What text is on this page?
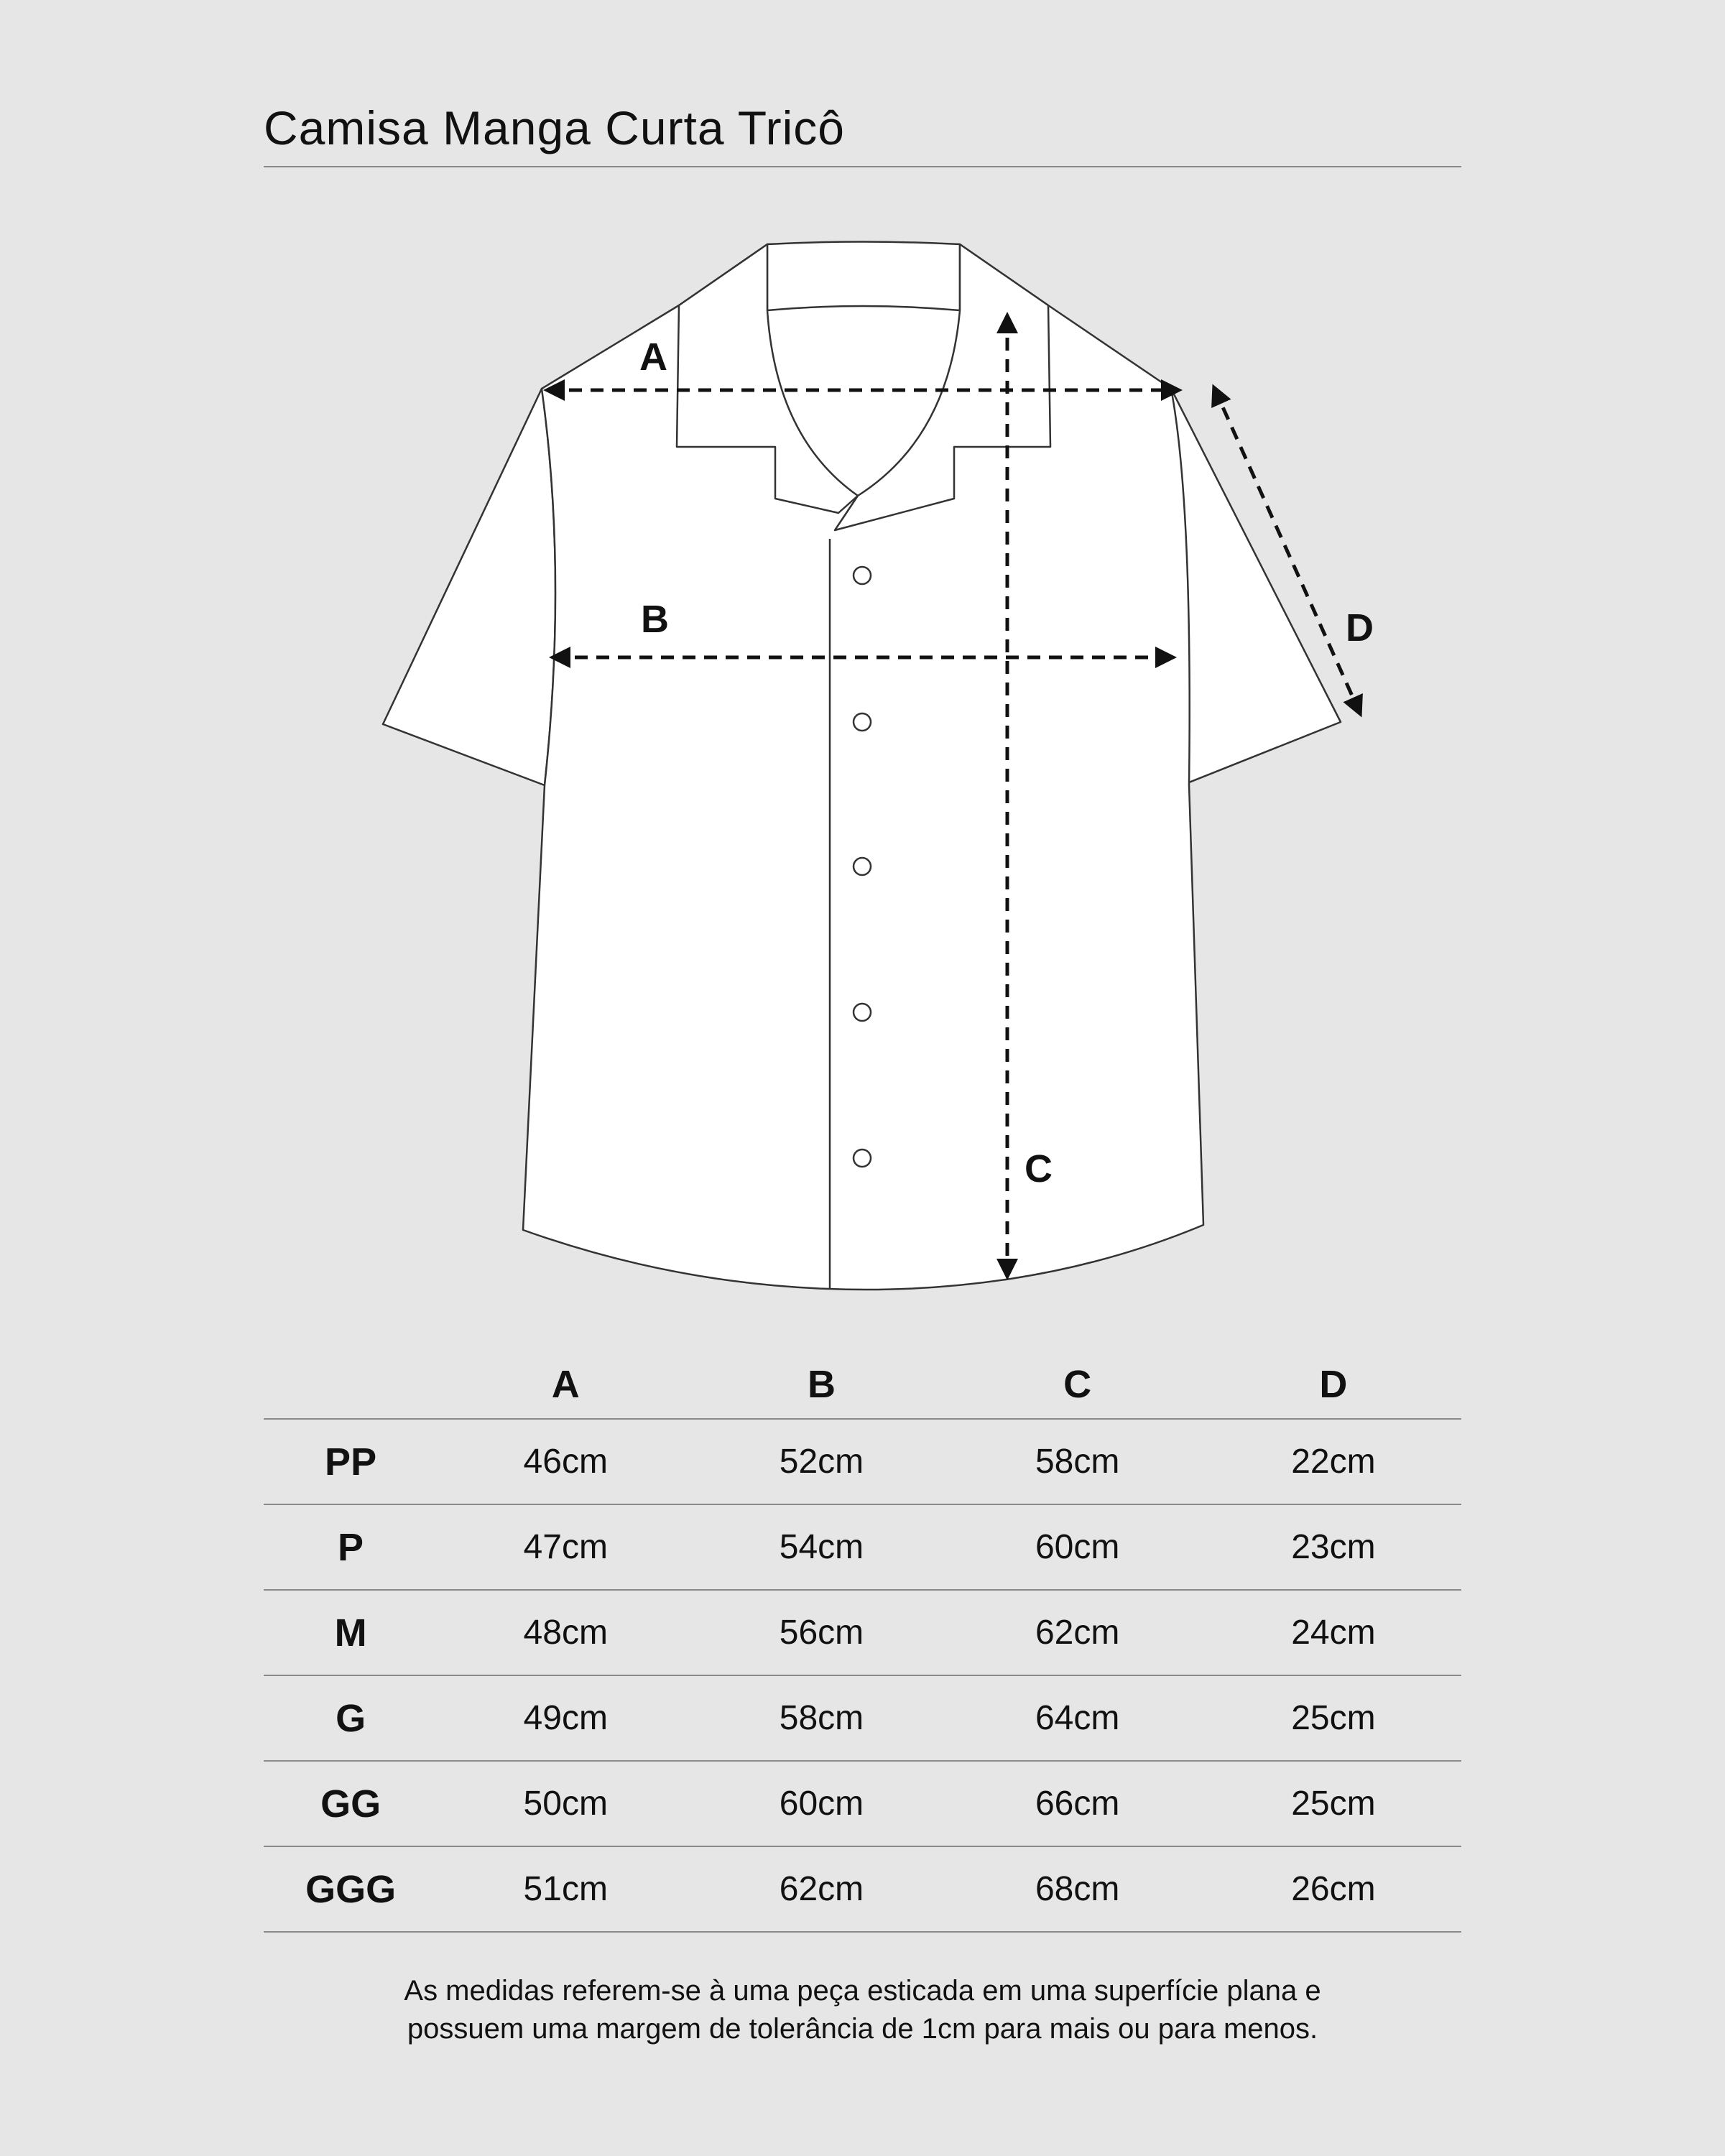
Camisa Manga Curta Tricô
A
B
C
D
	A	B	C	D
PP	46cm	52cm	58cm	22cm
P	47cm	54cm	60cm	23cm
M	48cm	56cm	62cm	24cm
G	49cm	58cm	64cm	25cm
GG	50cm	60cm	66cm	25cm
GGG	51cm	62cm	68cm	26cm
As medidas referem-se à uma peça esticada em uma superfície plana e
possuem uma margem de tolerância de 1cm para mais ou para menos.
